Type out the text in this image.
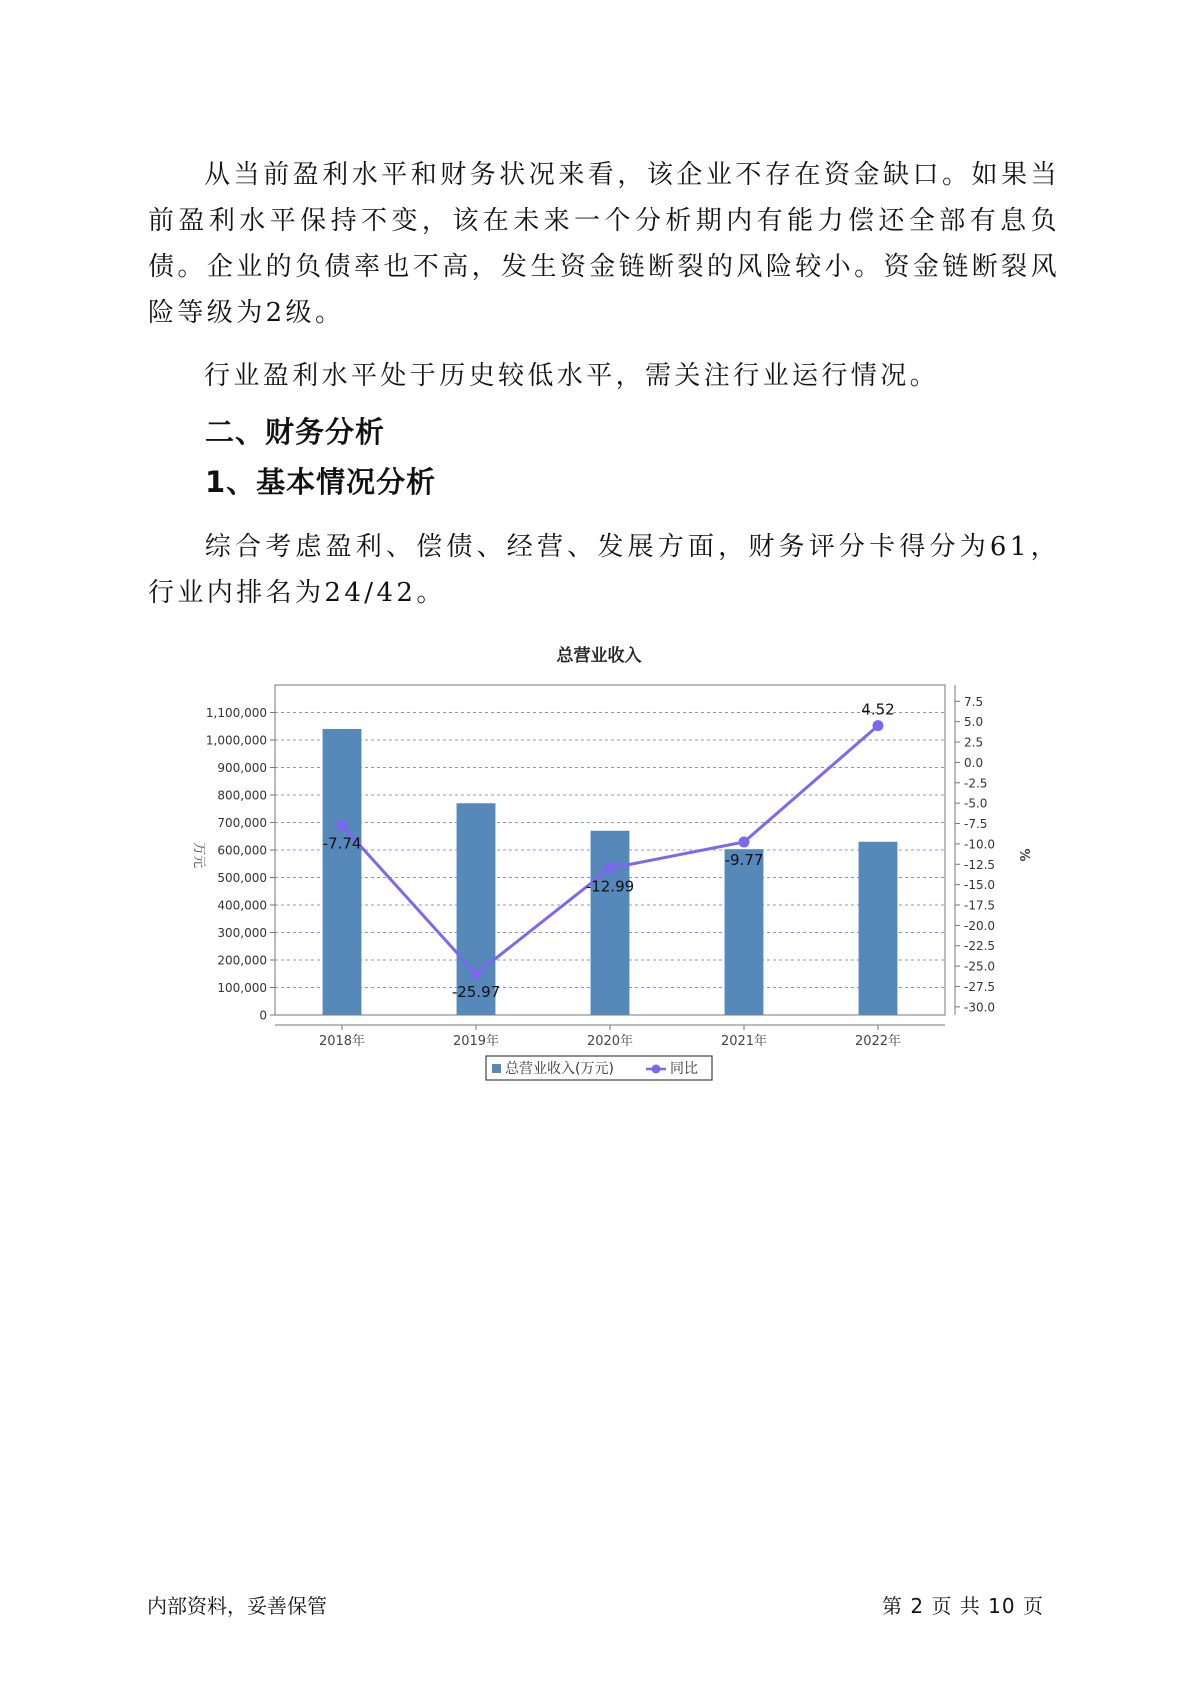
从当前盈利水平和财务状况来看，该企业不存在资金缺口。如果当前盈利水平保持不变，该在未来一个分析期内有能力偿还全部有息负债。企业的负债率也不高，发生资金链断裂的风险较小。资金链断裂风险等级为2级。

行业盈利水平处于历史较低水平，需关注行业运行情况。

二、财务分析
1、基本情况分析

综合考虑盈利、偿债、经营、发展方面，财务评分卡得分为61，行业内排名为24/42。

总营业收入
0
100,000
200,000
300,000
400,000
500,000
600,000
700,000
800,000
900,000
1,000,000
1,100,000
7.5
5.0
2.5
0.0
-2.5
-5.0
-7.5
-10.0
-12.5
-15.0
-17.5
-20.0
-22.5
-25.0
-27.5
-30.0
2018年	2019年	2020年	2021年	2022年
-7.74
-25.97
-12.99
-9.77
4.52
万元	%
总营业收入(万元)	同比
内部资料，妥善保管	第 2 页 共 10 页
